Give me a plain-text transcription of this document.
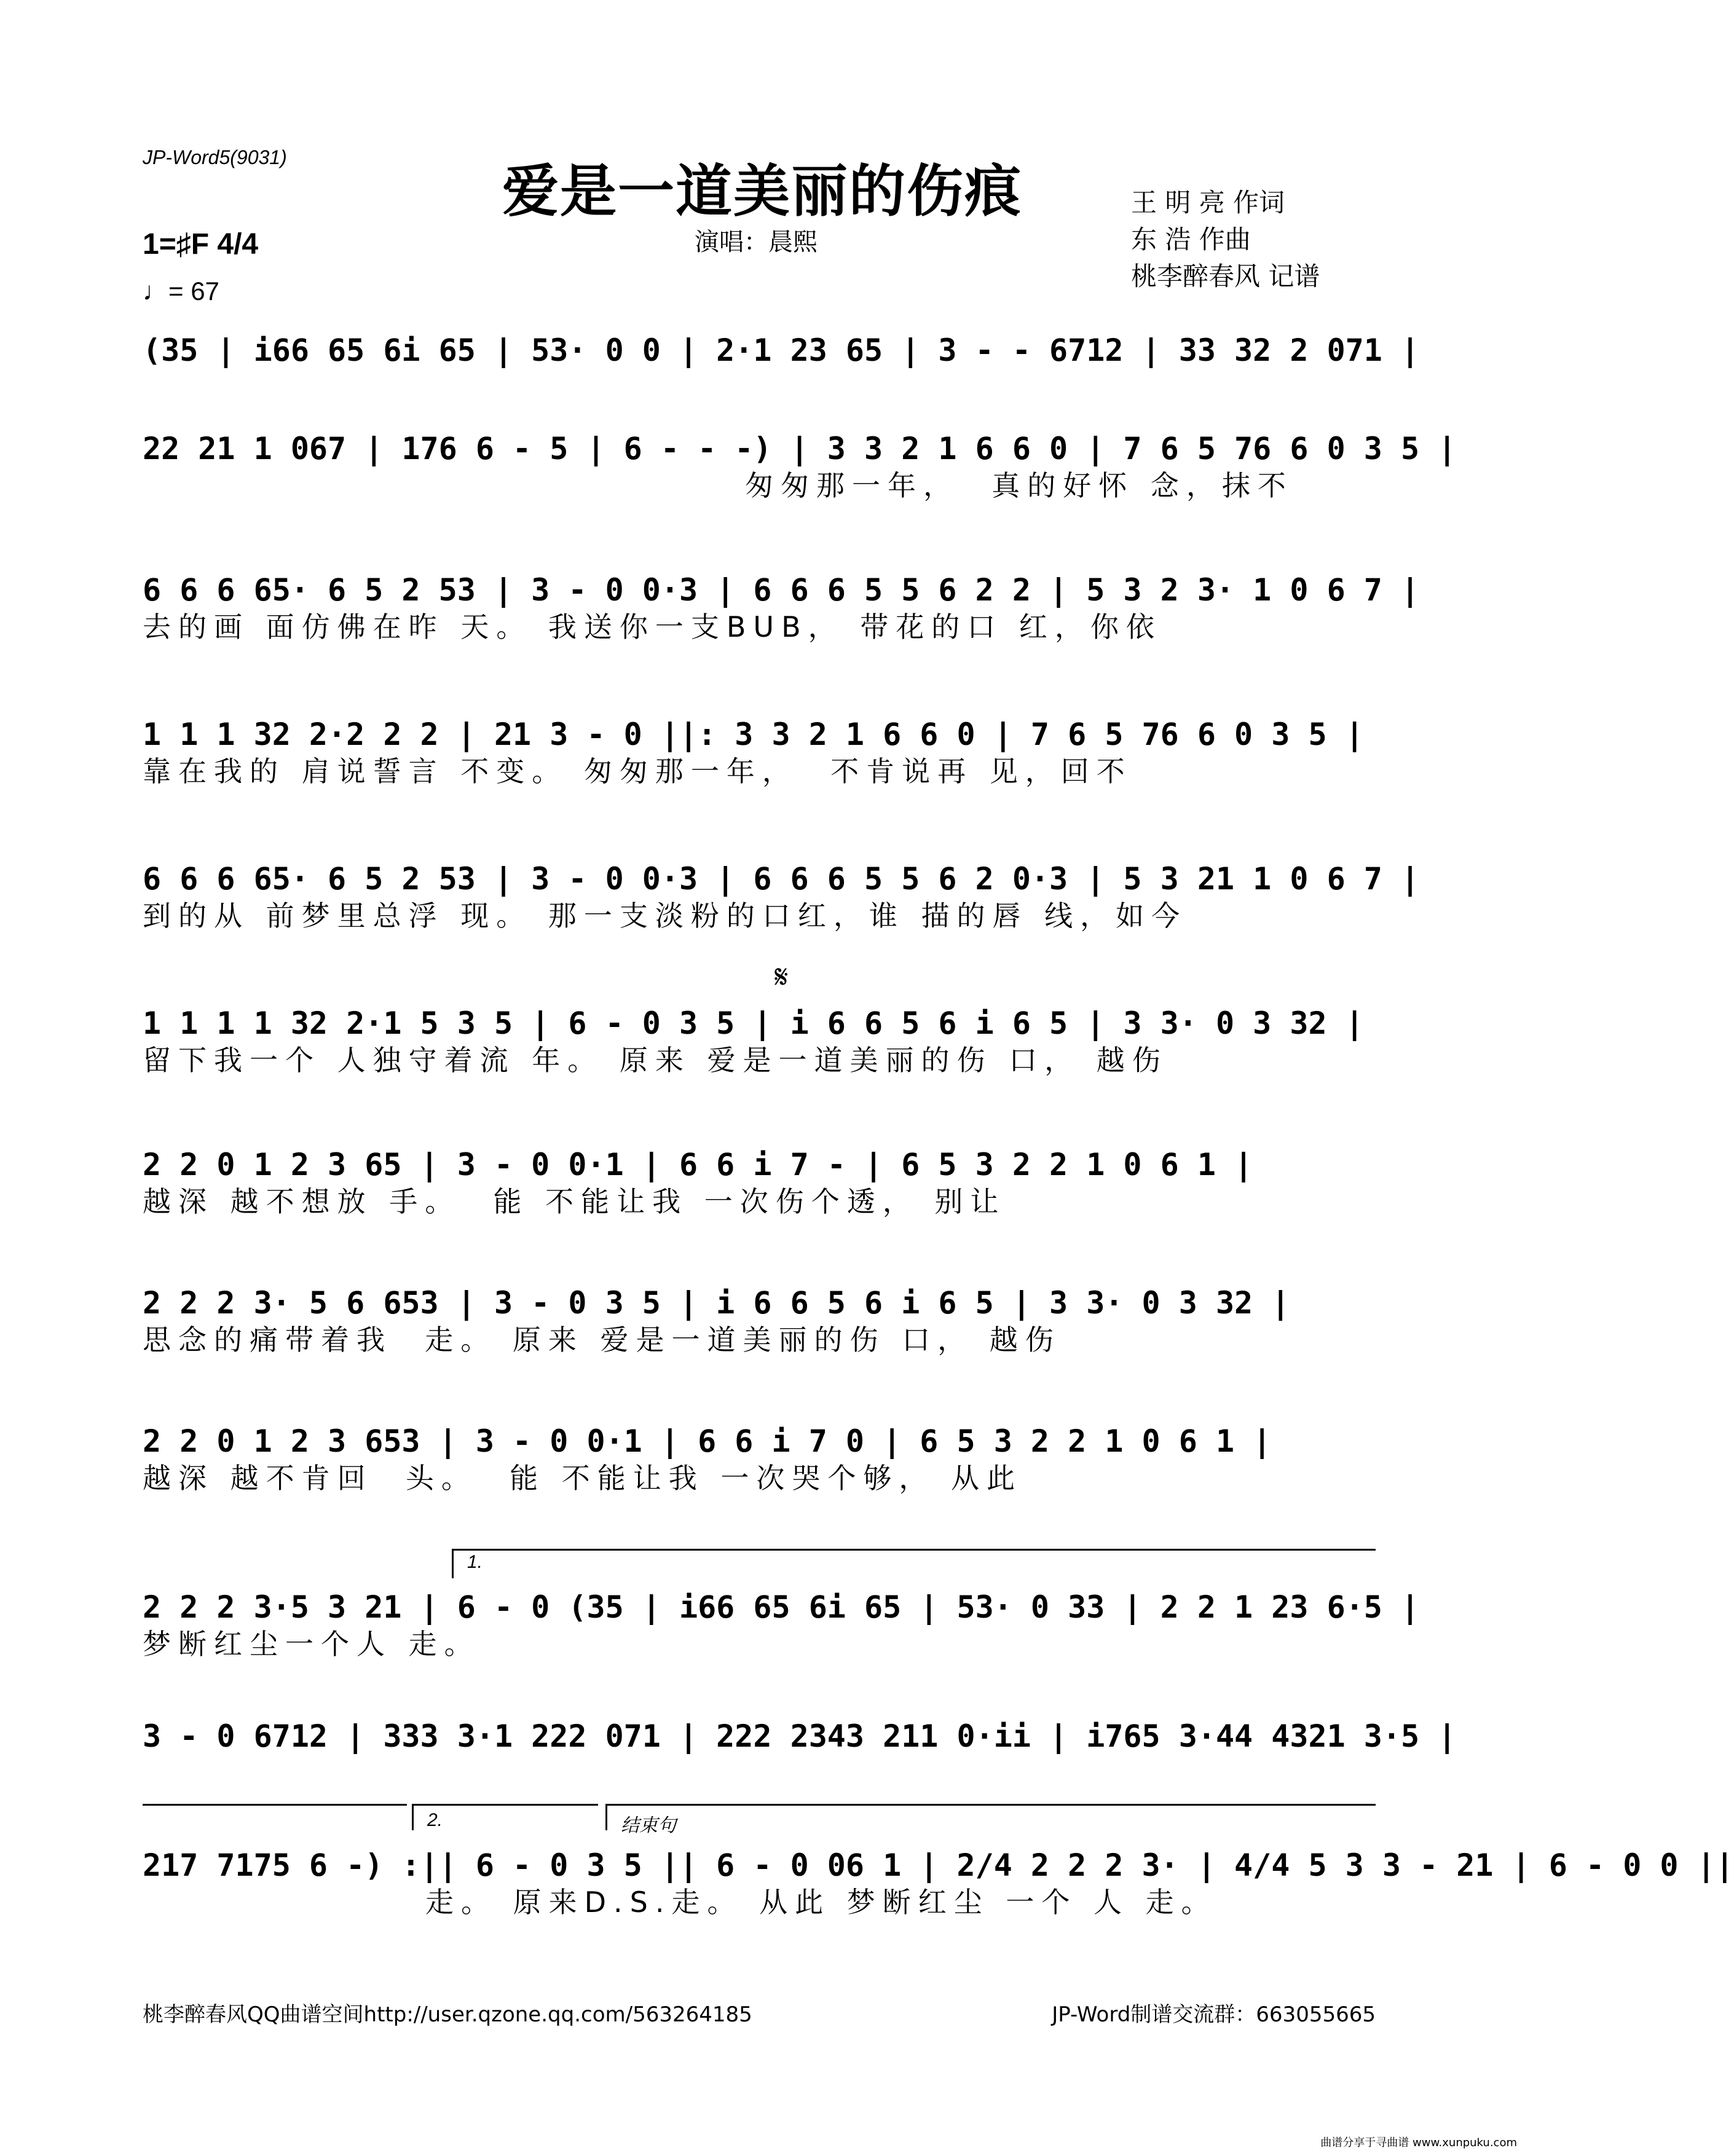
JP-Word5(9031)
爱是一道美丽的伤痕
演唱：晨熙
王 明 亮 作词
东 浩 作曲
桃李醉春风 记谱
1=♯F 4/4
♩= 67
(35 | i66 65 6i 65 | 53· 0 0 | 2·1 23 65 | 3 - - 6712 | 33 32 2 071 |
22 21 1 067 | 176 6 - 5 | 6 - - -) | 3 3 2 1 6 6 0 | 7 6 5 76 6 0 3 5 |
匆匆那一年，  真的好怀 念，抹不
6 6 6 65· 6 5 2 53 | 3 - 0 0·3 | 6 6 6 5 5 6 2 2 | 5 3 2 3· 1 0 6 7 |
去的画 面仿佛在昨 天。 我送你一支BUB， 带花的口 红，你依
1 1 1 32 2·2 2 2 | 21 3 - 0 ||: 3 3 2 1 6 6 0 | 7 6 5 76 6 0 3 5 |
靠在我的 肩说誓言 不变。 匆匆那一年，  不肯说再 见，回不
6 6 6 65· 6 5 2 53 | 3 - 0 0·3 | 6 6 6 5 5 6 2 0·3 | 5 3 21 1 0 6 7 |
到的从 前梦里总浮 现。 那一支淡粉的口红，谁 描的唇 线，如今
𝄋
1 1 1 1 32 2·1 5 3 5 | 6 - 0 3 5 | i 6 6 5 6 i 6 5 | 3 3· 0 3 32 |
留下我一个 人独守着流 年。 原来 爱是一道美丽的伤 口， 越伤
2 2 0 1 2 3 65 | 3 - 0 0·1 | 6 6 i 7 - | 6 5 3 2 2 1 0 6 1 |
越深 越不想放 手。  能 不能让我 一次伤个透， 别让
2 2 2 3· 5 6 653 | 3 - 0 3 5 | i 6 6 5 6 i 6 5 | 3 3· 0 3 32 |
思念的痛带着我  走。 原来 爱是一道美丽的伤 口， 越伤
2 2 0 1 2 3 653 | 3 - 0 0·1 | 6 6 i 7 0 | 6 5 3 2 2 1 0 6 1 |
越深 越不肯回  头。  能 不能让我 一次哭个够， 从此
1.
2 2 2 3·5 3 21 | 6 - 0 (35 | i66 65 6i 65 | 53· 0 33 | 2 2 1 23 6·5 |
梦断红尘一个人 走。
3 - 0 6712 | 333 3·1 222 071 | 222 2343 211 0·ii | i765 3·44 4321 3·5 |
2.	结束句
217 7175 6 -) :|| 6 - 0 3 5 || 6 - 0 06 1 | 2/4 2 2 2 3· | 4/4 5 3 3 - 21 | 6 - 0 0 ||
走。 原来D.S.走。 从此 梦断红尘 一个 人 走。
桃李醉春风QQ曲谱空间http://user.qzone.qq.com/563264185	JP-Word制谱交流群：663055665
曲谱分享于寻曲谱 www.xunpuku.com
